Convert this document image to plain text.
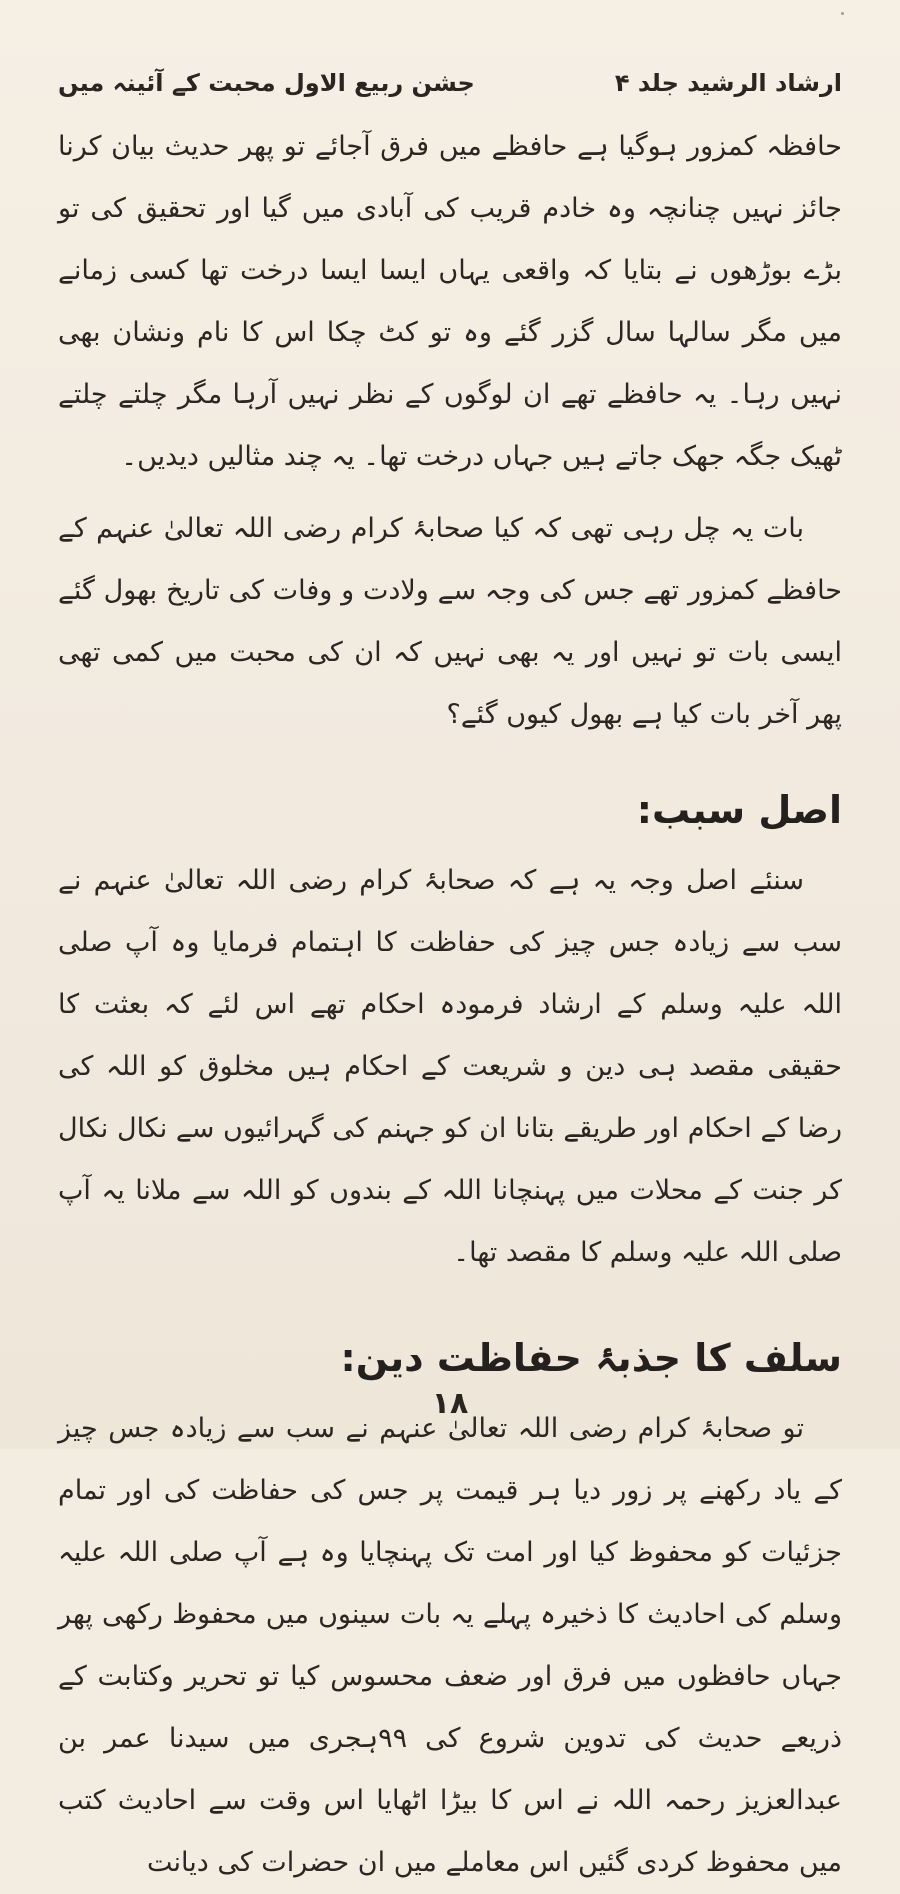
ارشاد الرشید جلد ۴
جشن ربیع الاول محبت کے آئینہ میں

حافظہ کمزور ہوگیا ہے حافظے میں فرق آجائے تو پھر حدیث بیان کرنا جائز نہیں چنانچہ وہ خادم قریب کی آبادی میں گیا اور تحقیق کی تو بڑے بوڑھوں نے بتایا کہ واقعی یہاں ایسا ایسا درخت تھا کسی زمانے میں مگر سالہا سال گزر گئے وہ تو کٹ چکا اس کا نام ونشان بھی نہیں رہا۔ یہ حافظے تھے ان لوگوں کے نظر نہیں آرہا مگر چلتے چلتے ٹھیک جگہ جھک جاتے ہیں جہاں درخت تھا۔ یہ چند مثالیں دیدیں۔

بات یہ چل رہی تھی کہ کیا صحابۂ کرام رضی اللہ تعالیٰ عنہم کے حافظے کمزور تھے جس کی وجہ سے ولادت و وفات کی تاریخ بھول گئے ایسی بات تو نہیں اور یہ بھی نہیں کہ ان کی محبت میں کمی تھی پھر آخر بات کیا ہے بھول کیوں گئے؟

اصل سبب:

سنئے اصل وجہ یہ ہے کہ صحابۂ کرام رضی اللہ تعالیٰ عنہم نے سب سے زیادہ جس چیز کی حفاظت کا اہتمام فرمایا وہ آپ صلی اللہ علیہ وسلم کے ارشاد فرمودہ احکام تھے اس لئے کہ بعثت کا حقیقی مقصد ہی دین و شریعت کے احکام ہیں مخلوق کو اللہ کی رضا کے احکام اور طریقے بتانا ان کو جہنم کی گہرائیوں سے نکال نکال کر جنت کے محلات میں پہنچانا اللہ کے بندوں کو اللہ سے ملانا یہ آپ صلی اللہ علیہ وسلم کا مقصد تھا۔

سلف کا جذبۂ حفاظت دین:

تو صحابۂ کرام رضی اللہ تعالیٰ عنہم نے سب سے زیادہ جس چیز کے یاد رکھنے پر زور دیا ہر قیمت پر جس کی حفاظت کی اور تمام جزئیات کو محفوظ کیا اور امت تک پہنچایا وہ ہے آپ صلی اللہ علیہ وسلم کی احادیث کا ذخیرہ پہلے یہ بات سینوں میں محفوظ رکھی پھر جہاں حافظوں میں فرق اور ضعف محسوس کیا تو تحریر وکتابت کے ذریعے حدیث کی تدوین شروع کی ۹۹ہجری میں سیدنا عمر بن عبدالعزیز رحمہ اللہ نے اس کا بیڑا اٹھایا اس وقت سے احادیث کتب میں محفوظ کردی گئیں اس معاملے میں ان حضرات کی دیانت

۱۸
